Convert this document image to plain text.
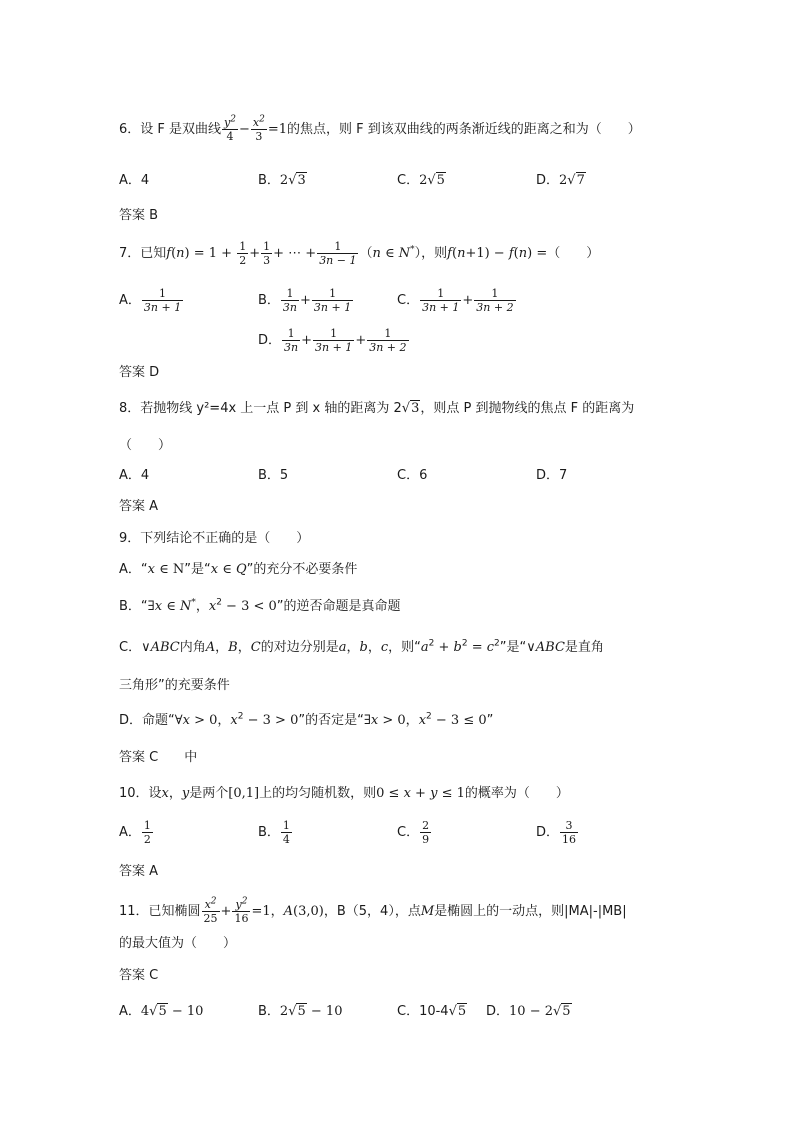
6．设 F 是双曲线 $\frac{y^2}{4} - \frac{x^2}{3} =1$的焦点，则 F 到该双曲线的两条渐近线的距离之和为（　　）
A．4	B．2√3	C．2√5	D．2√7
答案 B
7．已知$f(n) = 1 + \frac{1}{2} + \frac{1}{3}$ + ⋯ + $\frac{1}{3n - 1} (n$ ∈ N*），则f(n+1) − f(n) =（　　）
A． $\frac{1}{3n + 1}$	B． $\frac{1}{3n} + \frac{1}{3n + 1}$	C． $\frac{1}{3n + 1} + \frac{1}{3n + 2}$
D． $\frac{1}{3n} + \frac{1}{3n + 1} + \frac{1}{3n + 2}$
答案 D
8．若抛物线 y²=4x 上一点 P 到 x 轴的距离为 2√3，则点 P 到抛物线的焦点 F 的距离为
（　　）
A．4	B．5	C．6	D．7
答案 A
9．下列结论不正确的是（　　）
A．“x ∈ N”是“x ∈ Q”的充分不必要条件
B．“∃x ∈ N*，$x^2 - 3 < 0$”的逆否命题是真命题
C．∨ABC内角A，B，C的对边分别是a，b，c，则“$a^2 + b^2 = c^2$”是“∨ABC是直角
三角形”的充要条件
D．命题“∀x > 0，$x^2 - 3 > 0$”的否定是“∃x > 0，$x^2 - 3 \le 0$”
答案 C　　中
10．设x，y是两个[0,1]上的均匀随机数，则0 ≤ x + y ≤ 1的概率为（　　）
A． $\frac{1}{2}$	B． $\frac{1}{4}$	C． $\frac{2}{9}$	D． $\frac{3}{16}$
答案 A
11．已知椭圆 $\frac{x^2}{25} + \frac{y^2}{16} =1$，A(3,0)，B（5，4），点M是椭圆上的一动点，则|MA|-|MB|
的最大值为（　　）
答案 C
A．4√5 − 10	B．2√5 − 10	C．10-4√5 D．10 − 2√5
